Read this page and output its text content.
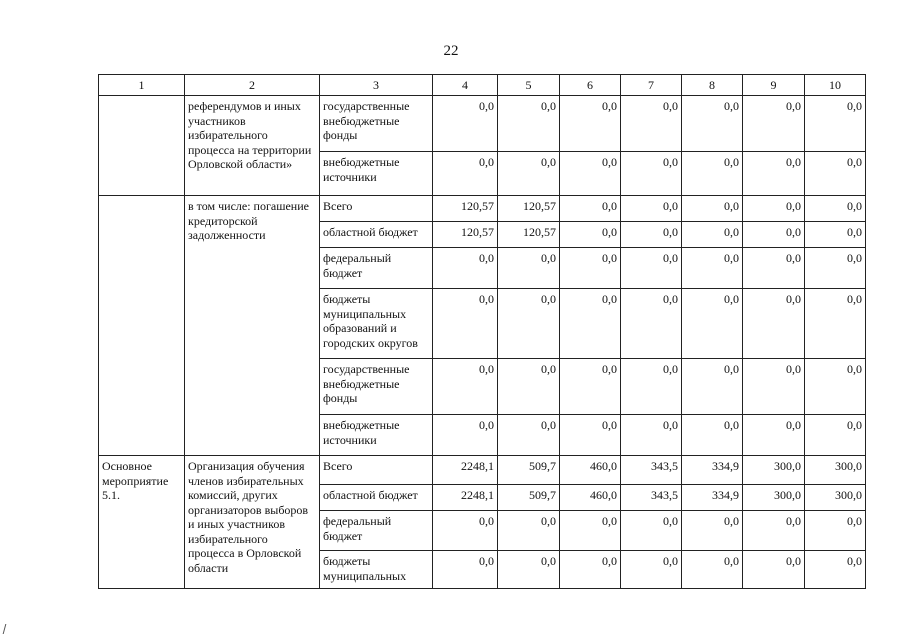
22
1	2	3	4	5	6	7	8	9	10
	референдумов и иных участников избирательного процесса на территории Орловской области»	государственные внебюджетные фонды	0,0	0,0	0,0	0,0	0,0	0,0	0,0
		внебюджетные источники	0,0	0,0	0,0	0,0	0,0	0,0	0,0
	в том числе: погашение кредиторской задолженности	Всего	120,57	120,57	0,0	0,0	0,0	0,0	0,0
		областной бюджет	120,57	120,57	0,0	0,0	0,0	0,0	0,0
		федеральный бюджет	0,0	0,0	0,0	0,0	0,0	0,0	0,0
		бюджеты муниципальных образований и городских округов	0,0	0,0	0,0	0,0	0,0	0,0	0,0
		государственные внебюджетные фонды	0,0	0,0	0,0	0,0	0,0	0,0	0,0
		внебюджетные источники	0,0	0,0	0,0	0,0	0,0	0,0	0,0
Основное мероприятие 5.1.	Организация обучения членов избирательных комиссий, других организаторов выборов и иных участников избирательного процесса в Орловской области	Всего	2248,1	509,7	460,0	343,5	334,9	300,0	300,0
		областной бюджет	2248,1	509,7	460,0	343,5	334,9	300,0	300,0
		федеральный бюджет	0,0	0,0	0,0	0,0	0,0	0,0	0,0
		бюджеты муниципальных	0,0	0,0	0,0	0,0	0,0	0,0	0,0
